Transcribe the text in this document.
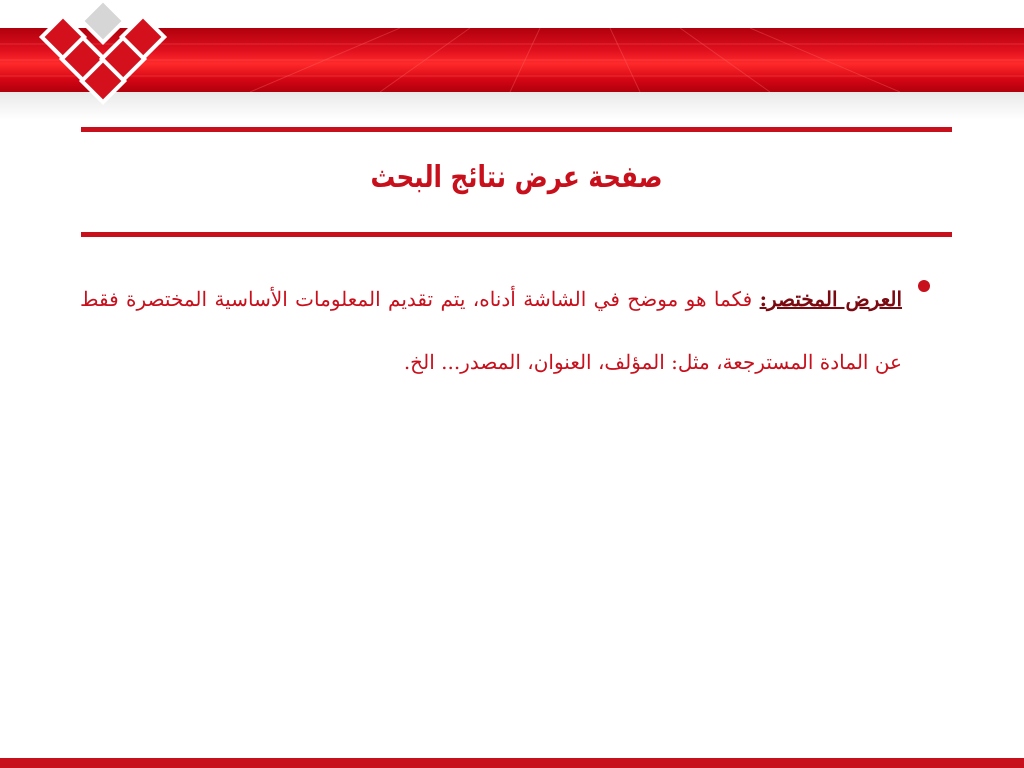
صفحة عرض نتائج البحث
العرض المختصر: فكما هو موضح في الشاشة أدناه، يتم تقديم المعلومات الأساسية المختصرة فقط عن المادة المسترجعة، مثل: المؤلف، العنوان، المصدر... الخ.
